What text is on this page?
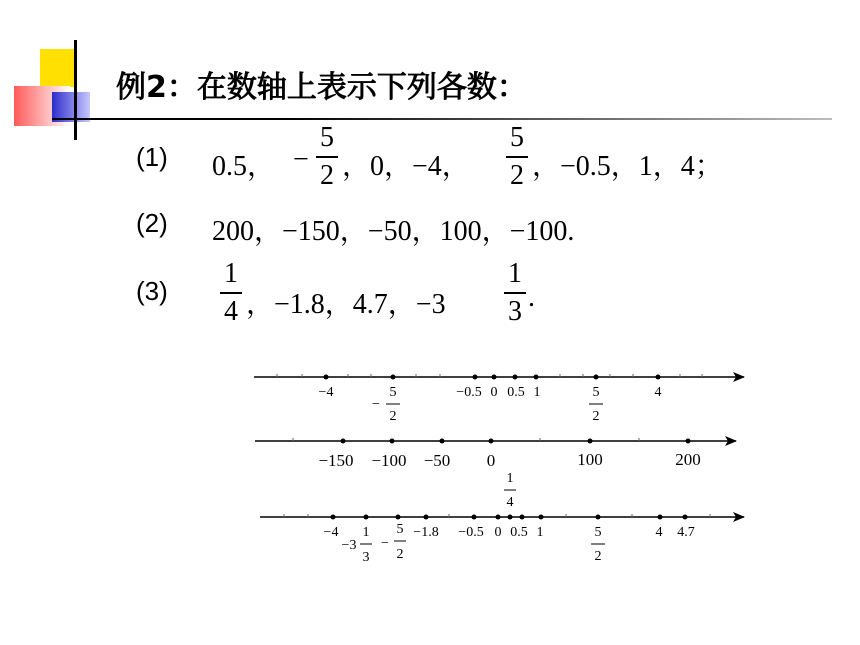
例2：在数轴上表示下列各数：
(1) 0.5， −
5
2 ，0，−4，
5
2 ，−0.5，1，4；
(2) 200，−150，−50，100，−100.
(3)
1
4 ，−1.8，4.7，−3
1
3 .
−4
−
5
2
−0.5 0 0.5 1	5
2
4
−150 −100 −50 0	100	200
1
4
−4
−3
1
3
−
5
2
−1.8 −0.5 0 0.5 1	5
2
4 4.7
